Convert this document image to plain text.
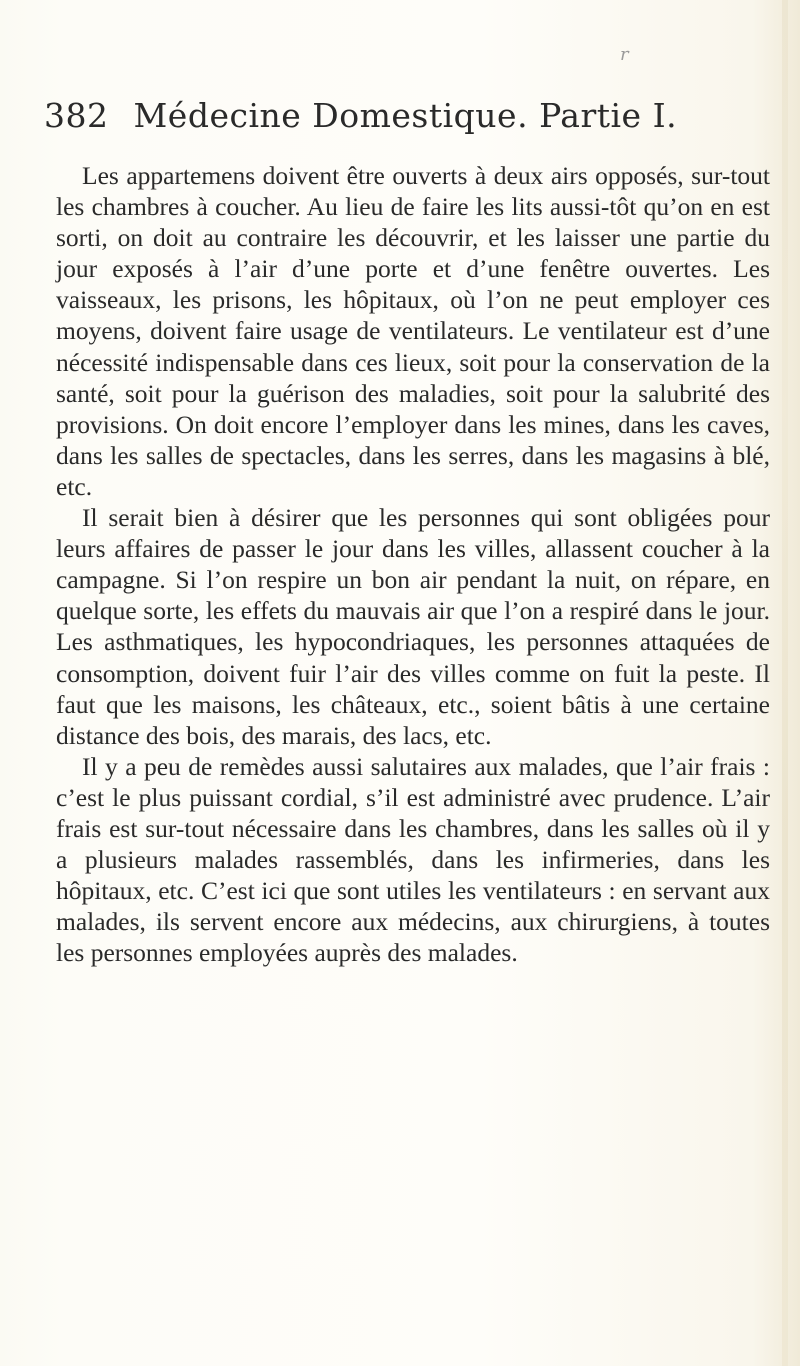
r
382 Médecine Domestique. Partie I.

Les appartemens doivent être ouverts à deux airs opposés, sur-tout les chambres à coucher. Au lieu de faire les lits aussi-tôt qu’on en est sorti, on doit au contraire les découvrir, et les laisser une partie du jour exposés à l’air d’une porte et d’une fenêtre ouvertes. Les vaisseaux, les prisons, les hôpitaux, où l’on ne peut employer ces moyens, doivent faire usage de ventilateurs. Le ventilateur est d’une nécessité indispensable dans ces lieux, soit pour la conservation de la santé, soit pour la guérison des maladies, soit pour la salubrité des provisions. On doit encore l’employer dans les mines, dans les caves, dans les salles de spectacles, dans les serres, dans les magasins à blé, etc.

Il serait bien à désirer que les personnes qui sont obligées pour leurs affaires de passer le jour dans les villes, allassent coucher à la campagne. Si l’on respire un bon air pendant la nuit, on répare, en quelque sorte, les effets du mauvais air que l’on a respiré dans le jour. Les asthmatiques, les hypocondriaques, les personnes attaquées de consomption, doivent fuir l’air des villes comme on fuit la peste. Il faut que les maisons, les châteaux, etc., soient bâtis à une certaine distance des bois, des marais, des lacs, etc.

Il y a peu de remèdes aussi salutaires aux malades, que l’air frais : c’est le plus puissant cordial, s’il est administré avec prudence. L’air frais est sur-tout nécessaire dans les chambres, dans les salles où il y a plusieurs malades rassemblés, dans les infirmeries, dans les hôpitaux, etc. C’est ici que sont utiles les ventilateurs : en servant aux malades, ils servent encore aux médecins, aux chirurgiens, à toutes les personnes employées auprès des malades.
